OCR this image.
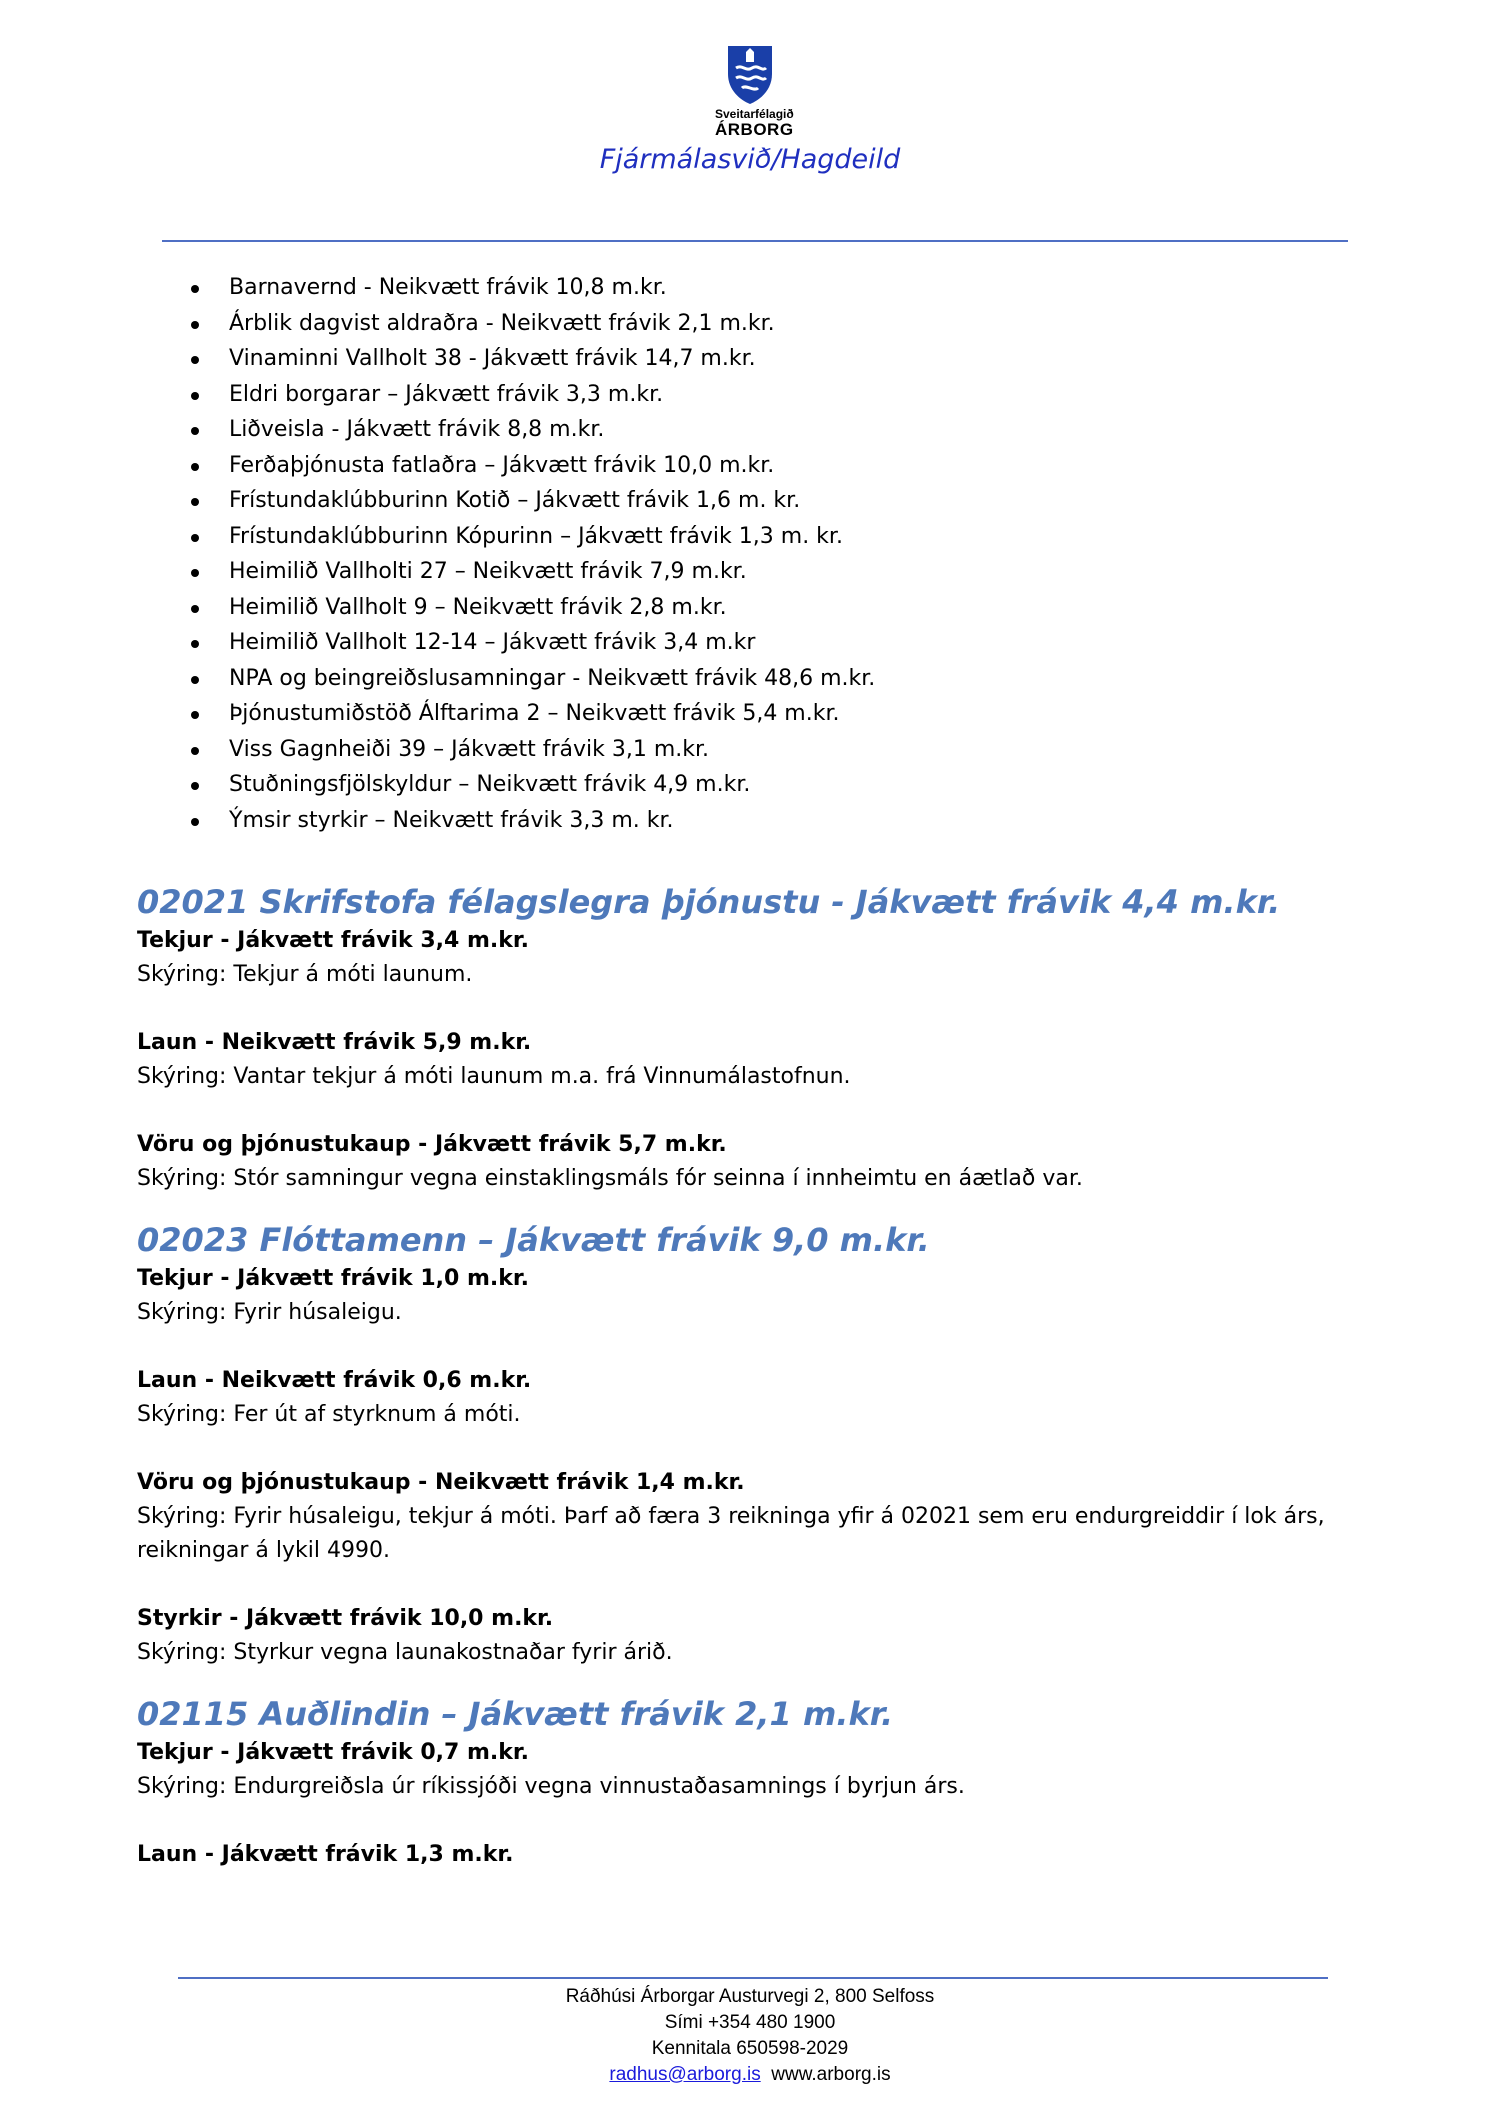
Sveitarfélagið
ÁRBORG
Fjármálasvið/Hagdeild
Barnavernd - Neikvætt frávik 10,8 m.kr.
Árblik dagvist aldraðra - Neikvætt frávik 2,1 m.kr.
Vinaminni Vallholt 38 - Jákvætt frávik 14,7 m.kr.
Eldri borgarar – Jákvætt frávik 3,3 m.kr.
Liðveisla - Jákvætt frávik 8,8 m.kr.
Ferðaþjónusta fatlaðra – Jákvætt frávik 10,0 m.kr.
Frístundaklúbburinn Kotið – Jákvætt frávik 1,6 m. kr.
Frístundaklúbburinn Kópurinn – Jákvætt frávik 1,3 m. kr.
Heimilið Vallholti 27 – Neikvætt frávik 7,9 m.kr.
Heimilið Vallholt 9 – Neikvætt frávik 2,8 m.kr.
Heimilið Vallholt 12-14 – Jákvætt frávik 3,4 m.kr
NPA og beingreiðslusamningar - Neikvætt frávik 48,6 m.kr.
Þjónustumiðstöð Álftarima 2 – Neikvætt frávik 5,4 m.kr.
Viss Gagnheiði 39 – Jákvætt frávik 3,1 m.kr.
Stuðningsfjölskyldur – Neikvætt frávik 4,9 m.kr.
Ýmsir styrkir – Neikvætt frávik 3,3 m. kr.
02021 Skrifstofa félagslegra þjónustu - Jákvætt frávik 4,4 m.kr.

Tekjur - Jákvætt frávik 3,4 m.kr.

Skýring: Tekjur á móti launum.

Laun - Neikvætt frávik 5,9 m.kr.

Skýring: Vantar tekjur á móti launum m.a. frá Vinnumálastofnun.

Vöru og þjónustukaup - Jákvætt frávik 5,7 m.kr.

Skýring: Stór samningur vegna einstaklingsmáls fór seinna í innheimtu en áætlað var.

02023 Flóttamenn – Jákvætt frávik 9,0 m.kr.

Tekjur - Jákvætt frávik 1,0 m.kr.

Skýring: Fyrir húsaleigu.

Laun - Neikvætt frávik 0,6 m.kr.

Skýring: Fer út af styrknum á móti.

Vöru og þjónustukaup - Neikvætt frávik 1,4 m.kr.

Skýring: Fyrir húsaleigu, tekjur á móti. Þarf að færa 3 reikninga yfir á 02021 sem eru endurgreiddir í lok árs,

reikningar á lykil 4990.

Styrkir - Jákvætt frávik 10,0 m.kr.

Skýring: Styrkur vegna launakostnaðar fyrir árið.

02115 Auðlindin – Jákvætt frávik 2,1 m.kr.

Tekjur - Jákvætt frávik 0,7 m.kr.

Skýring: Endurgreiðsla úr ríkissjóði vegna vinnustaðasamnings í byrjun árs.

Laun - Jákvætt frávik 1,3 m.kr.

Ráðhúsi Árborgar Austurvegi 2, 800 Selfoss
Sími +354 480 1900
Kennitala 650598-2029
radhus@arborg.is www.arborg.is
